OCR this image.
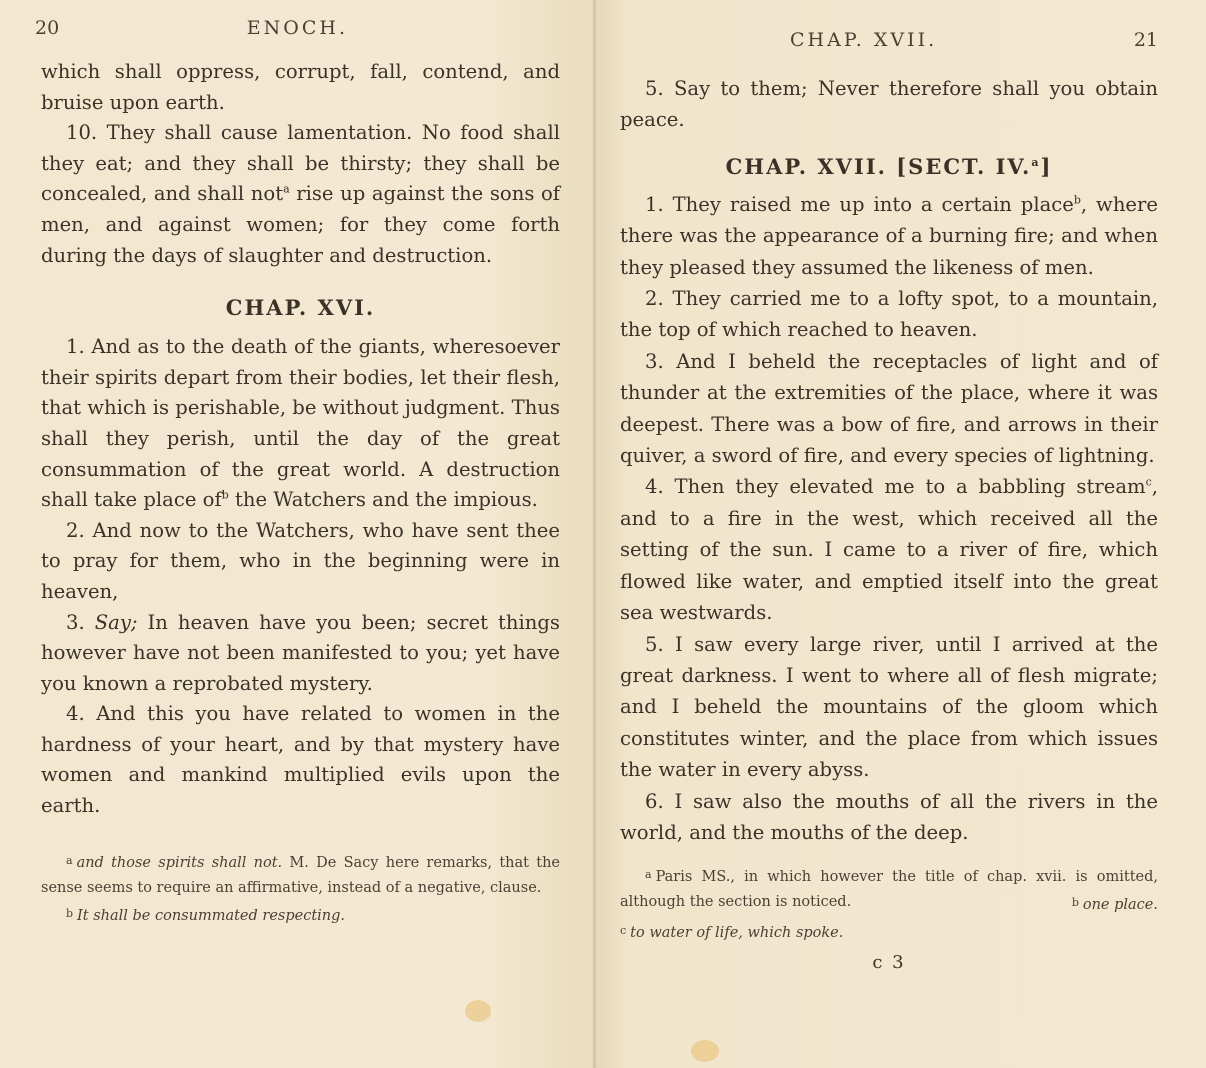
20	ENOCH.

which shall oppress, corrupt, fall, contend, and bruise upon earth.

10. They shall cause lamentation. No food shall they eat; and they shall be thirsty; they shall be concealed, and shall not$^a$ rise up against the sons of men, and against women; for they come forth during the days of slaughter and destruction.

CHAP. XVI.

1. And as to the death of the giants, wheresoever their spirits depart from their bodies, let their flesh, that which is perishable, be without judgment. Thus shall they perish, until the day of the great consummation of the great world. A destruction shall take place $of^b$ the Watchers and the impious.

2. And now to the Watchers, who have sent thee to pray for them, who in the beginning were in heaven,

3. Say; In heaven have you been; secret things however have not been manifested to you; yet have you known a reprobated mystery.

4. And this you have related to women in the hardness of your heart, and by that mystery have women and mankind multiplied evils upon the earth.

$^a$ and those spirits shall not. M. De Sacy here remarks, that the sense seems to require an affirmative, instead of a negative, clause.

$^b$ It shall be consummated respecting.

CHAP. XVII.	21

5. Say to them; Never therefore shall you obtain peace.

CHAP. XVII. [SECT. IV.$^a$]

1. They raised me up into a certain place$^b$, where there was the appearance of a burning fire; and when they pleased they assumed the likeness of men.

2. They carried me to a lofty spot, to a mountain, the top of which reached to heaven.

3. And I beheld the receptacles of light and of thunder at the extremities of the place, where it was deepest. There was a bow of fire, and arrows in their quiver, a sword of fire, and every species of lightning.

4. Then they elevated me to a babbling stream$^c$, and to a fire in the west, which received all the setting of the sun. I came to a river of fire, which flowed like water, and emptied itself into the great sea westwards.

5. I saw every large river, until I arrived at the great darkness. I went to where all of flesh migrate; and I beheld the mountains of the gloom which constitutes winter, and the place from which issues the water in every abyss.

6. I saw also the mouths of all the rivers in the world, and the mouths of the deep.

$^a$ Paris MS., in which however the title of chap. xvii. is omitted, although the section is noticed.	$^b$ one place.

$^c$ to water of life, which spoke.

c 3
